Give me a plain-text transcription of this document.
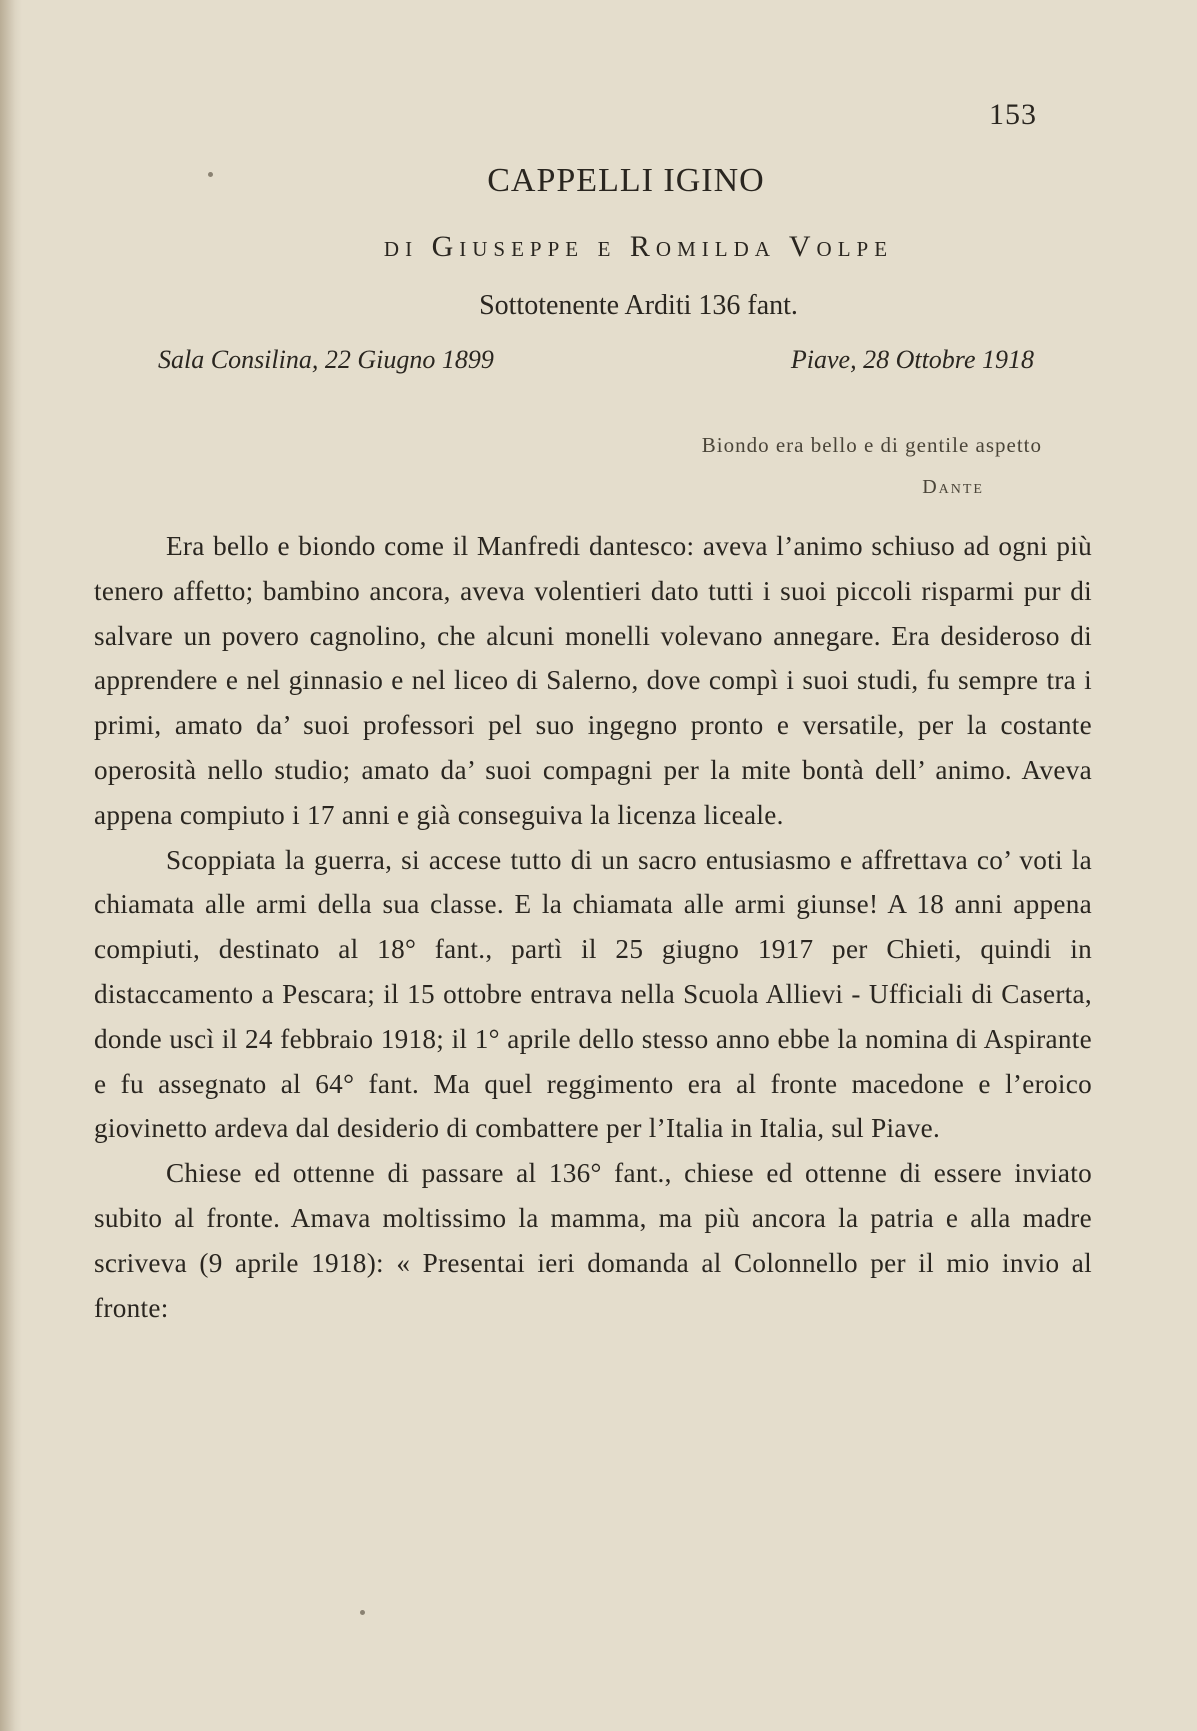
153
CAPPELLI IGINO
di Giuseppe e Romilda Volpe
Sottotenente Arditi 136 fant.
Sala Consilina, 22 Giugno 1899	Piave, 28 Ottobre 1918
Biondo era bello e di gentile aspetto
Dante

Era bello e biondo come il Manfredi dantesco: aveva l’animo schiuso ad ogni più tenero affetto; bambino ancora, aveva volentieri dato tutti i suoi piccoli risparmi pur di salvare un povero cagnolino, che alcuni monelli volevano annegare. Era desideroso di apprendere e nel ginnasio e nel liceo di Salerno, dove compì i suoi studi, fu sempre tra i primi, amato da’ suoi professori pel suo ingegno pronto e versatile, per la costante operosità nello studio; amato da’ suoi compagni per la mite bontà dell’ animo. Aveva appena compiuto i 17 anni e già conseguiva la licenza liceale.

Scoppiata la guerra, si accese tutto di un sacro entusiasmo e affrettava co’ voti la chiamata alle armi della sua classe. E la chiamata alle armi giunse! A 18 anni appena compiuti, destinato al 18° fant., partì il 25 giugno 1917 per Chieti, quindi in distaccamento a Pescara; il 15 ottobre entrava nella Scuola Allievi - Ufficiali di Caserta, donde uscì il 24 febbraio 1918; il 1° aprile dello stesso anno ebbe la nomina di Aspirante e fu assegnato al 64° fant. Ma quel reggimento era al fronte macedone e l’eroico giovinetto ardeva dal desiderio di combattere per l’Italia in Italia, sul Piave.

Chiese ed ottenne di passare al 136° fant., chiese ed ottenne di essere inviato subito al fronte. Amava moltissimo la mamma, ma più ancora la patria e alla madre scriveva (9 aprile 1918): « Presentai ieri domanda al Colonnello per il mio invio al fronte:
